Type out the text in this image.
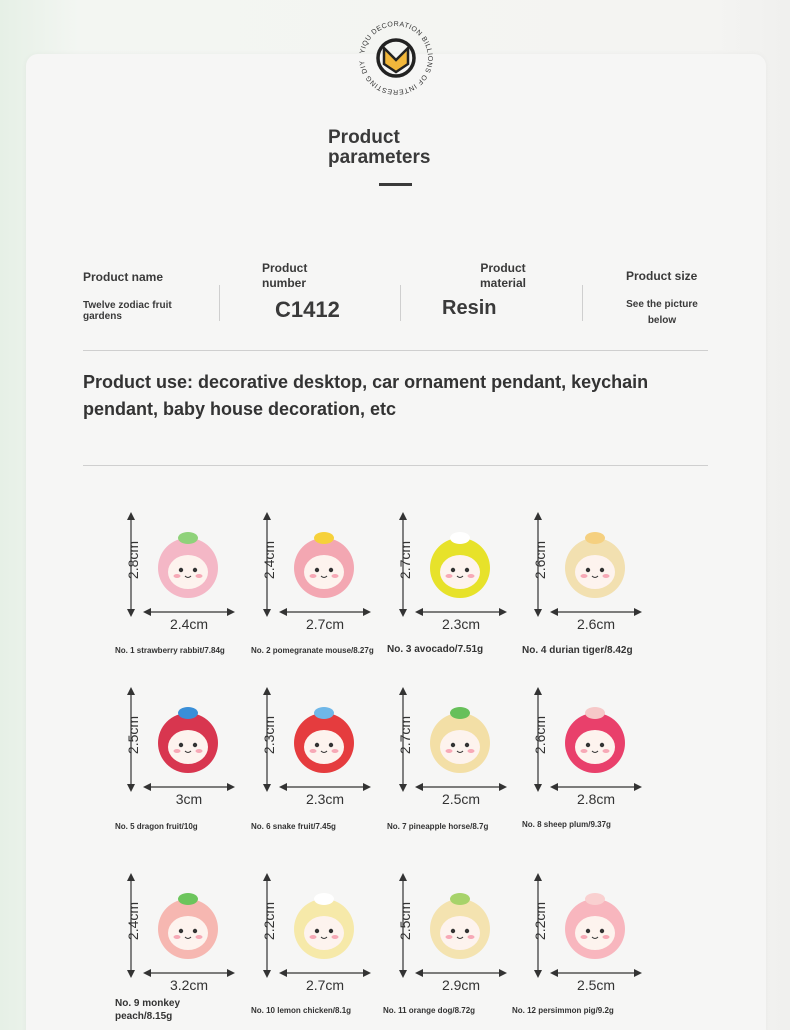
YIQU DECORATION BILLIONS OF INTERESTING DIY
Product
parameters
Product name
Twelve zodiac fruit gardens
Product number
C1412
Product material
Resin
Product size
See the picture below
Product use: decorative desktop, car ornament pendant, keychain pendant, baby house decoration, etc
2.8cm
2.4cm
No. 1 strawberry rabbit/7.84g
2.4cm
2.7cm
No. 2 pomegranate mouse/8.27g
2.7cm
2.3cm
No. 3 avocado/7.51g
2.6cm
2.6cm
No. 4 durian tiger/8.42g
2.5cm
3cm
No. 5 dragon fruit/10g
2.3cm
2.3cm
No. 6 snake fruit/7.45g
2.7cm
2.5cm
No. 7 pineapple horse/8.7g
2.6cm
2.8cm
No. 8 sheep plum/9.37g
2.4cm
3.2cm
No. 9 monkey peach/8.15g
2.2cm
2.7cm
No. 10 lemon chicken/8.1g
2.5cm
2.9cm
No. 11 orange dog/8.72g
2.2cm
2.5cm
No. 12 persimmon pig/9.2g
